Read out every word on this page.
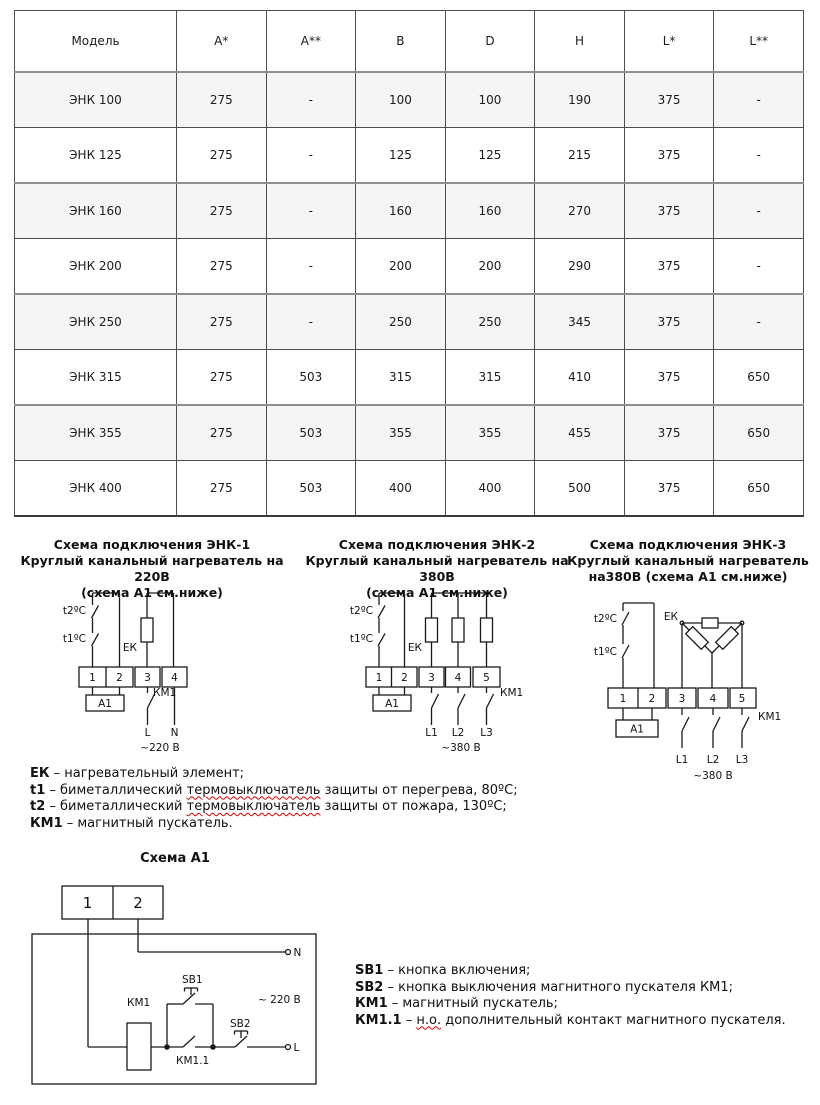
Модель	А*	А**	В	D	Н	L*	L**
ЭНК 100	275	-	100	100	190	375	-
ЭНК 125	275	-	125	125	215	375	-
ЭНК 160	275	-	160	160	270	375	-
ЭНК 200	275	-	200	200	290	375	-
ЭНК 250	275	-	250	250	345	375	-
ЭНК 315	275	503	315	315	410	375	650
ЭНК 355	275	503	355	355	455	375	650
ЭНК 400	275	503	400	400	500	375	650
Схема подключения ЭНК-1
Круглый канальный нагреватель на 220В
(схема А1 см.ниже)
Схема подключения ЭНК-2
Круглый канальный нагреватель на 380В
(схема А1 см.ниже)
Схема подключения ЭНК-3
Круглый канальный нагреватель
на380В (схема А1 см.ниже)
t2ºC
t1ºC
ЕК
1 2 3 4
А1
КМ1
L N
~220 В
t2ºC
t1ºC
ЕК
1 2 3 4 5
А1
КМ1
L1 L2 L3
~380 В
t2ºC
t1ºC
ЕК
1 2 3 4 5
А1
КМ1
L1 L2 L3
~380 В
ЕК – нагревательный элемент;
t1 – биметаллический термовыключатель защиты от перегрева, 80ºС;
t2 – биметаллический термовыключатель защиты от пожара, 130ºС;
КМ1 – магнитный пускатель.
Схема А1
1	2
N
КМ1
КМ1.1
SB1
SB2
L
~ 220 В
SB1 – кнопка включения;
SB2 – кнопка выключения магнитного пускателя КМ1;
КМ1 – магнитный пускатель;
КМ1.1 – н.о. дополнительный контакт магнитного пускателя.
